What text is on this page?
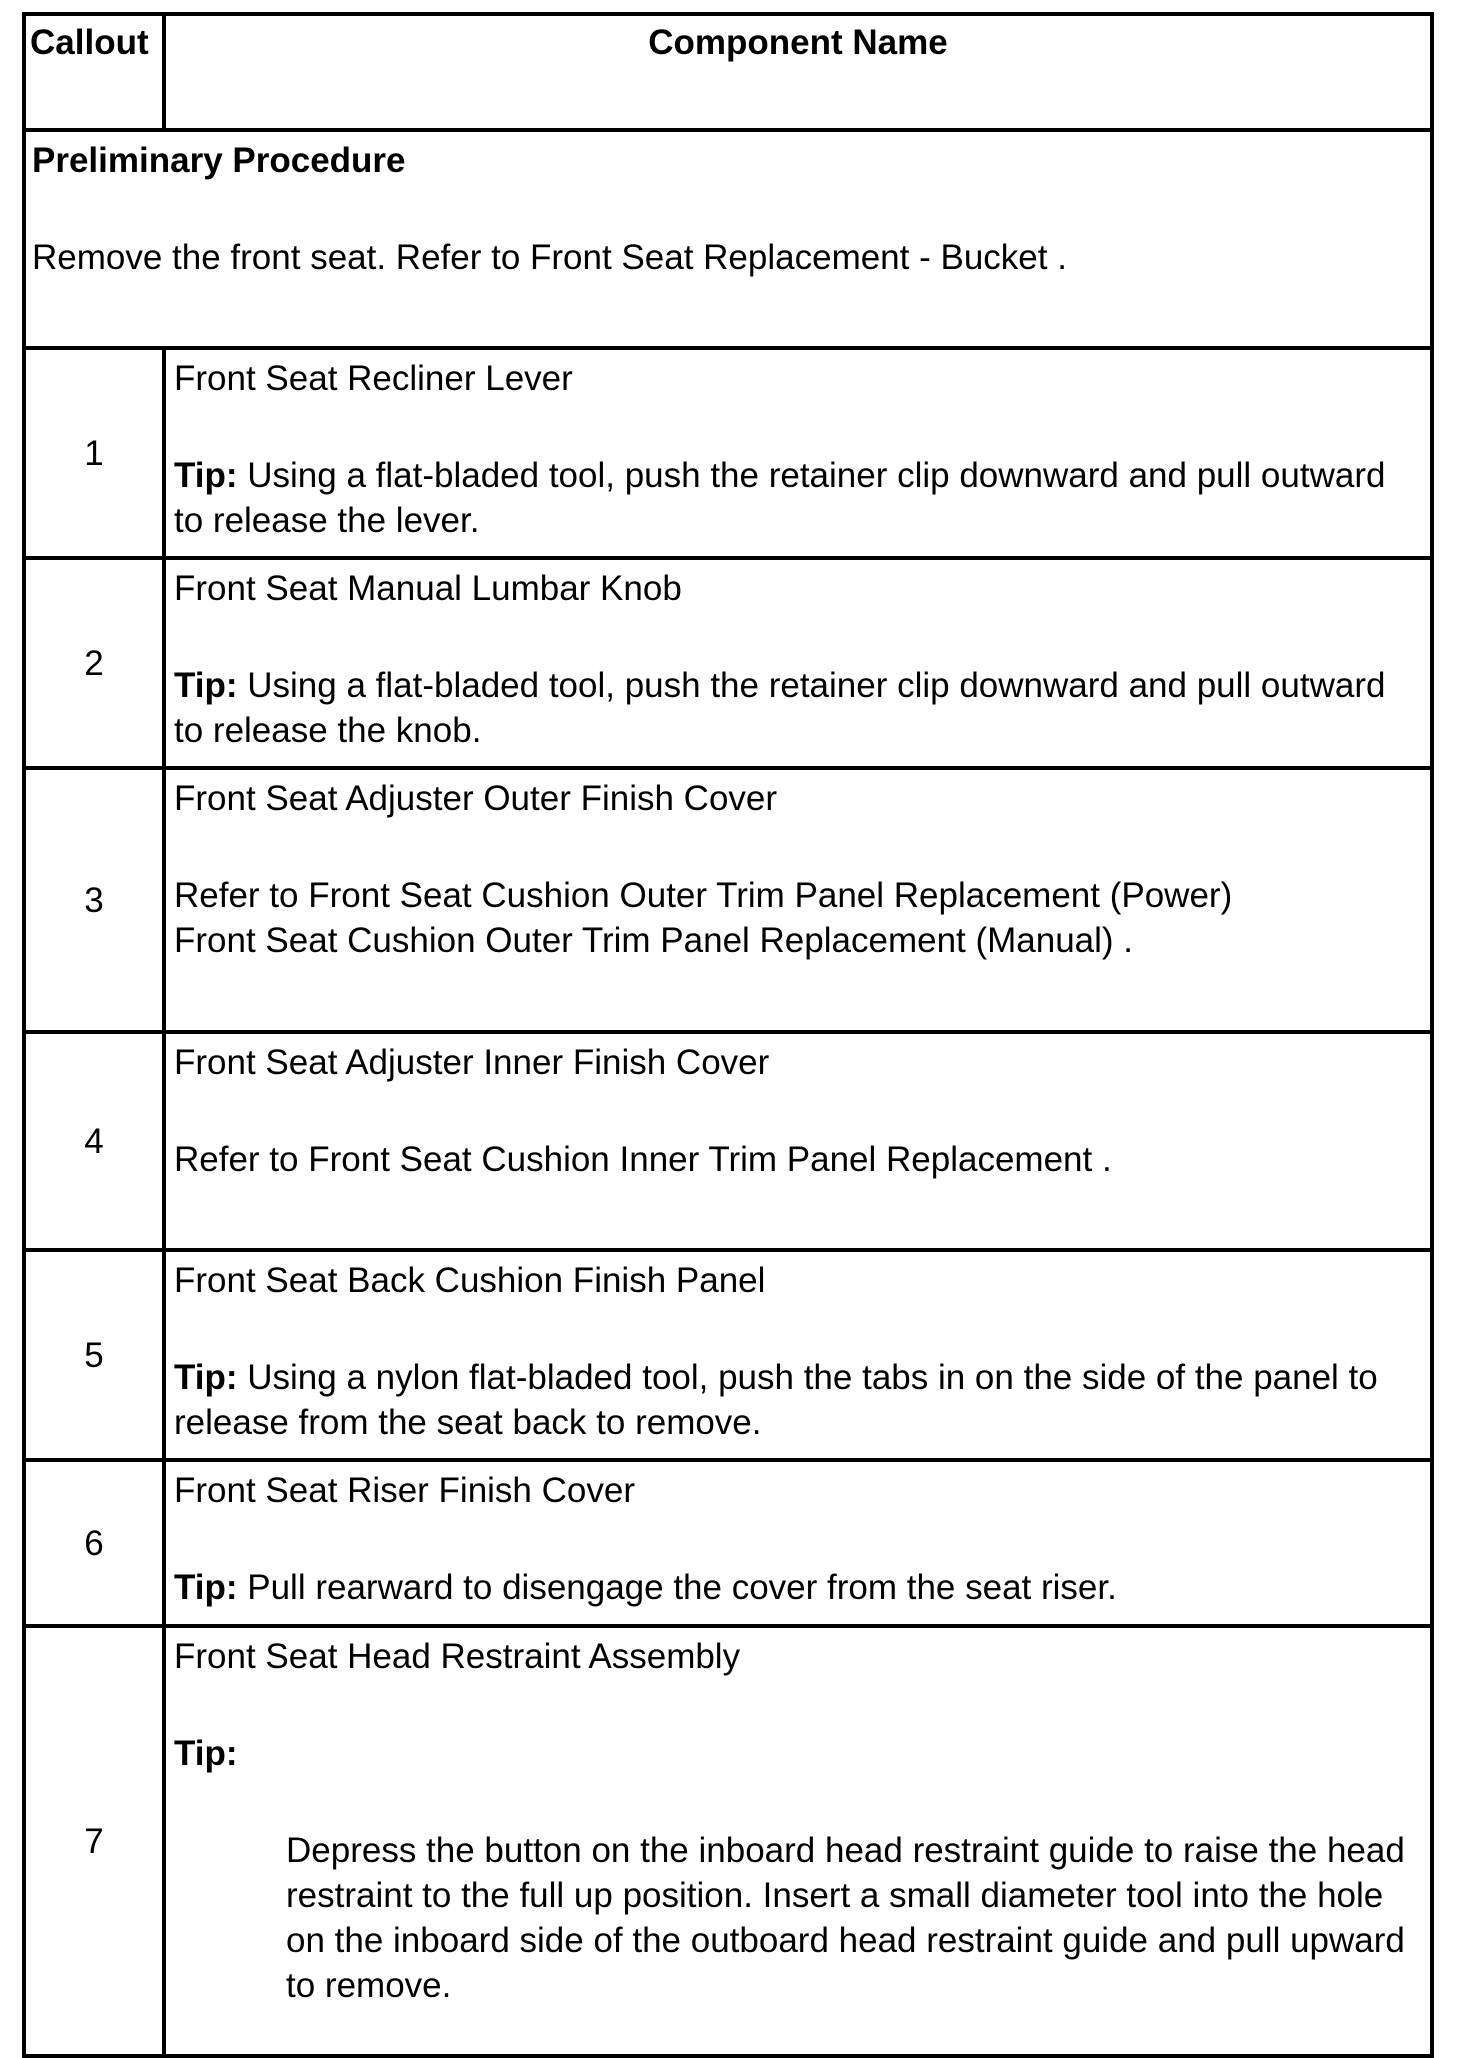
Callout	Component Name

Preliminary Procedure
Remove the front seat. Refer to Front Seat Replacement - Bucket .	

1	Front Seat Recliner Lever
Tip: Using a flat-bladed tool, push the retainer clip downward and pull outward to release the lever.

2	Front Seat Manual Lumbar Knob
Tip: Using a flat-bladed tool, push the retainer clip downward and pull outward to release the knob.

3	Front Seat Adjuster Outer Finish Cover
Refer to Front Seat Cushion Outer Trim Panel Replacement (Power)
Front Seat Cushion Outer Trim Panel Replacement (Manual) .

4	Front Seat Adjuster Inner Finish Cover
Refer to Front Seat Cushion Inner Trim Panel Replacement .

5	Front Seat Back Cushion Finish Panel
Tip: Using a nylon flat-bladed tool, push the tabs in on the side of the panel to release from the seat back to remove.

6	Front Seat Riser Finish Cover
Tip: Pull rearward to disengage the cover from the seat riser.

7	Front Seat Head Restraint Assembly
Tip:
Depress the button on the inboard head restraint guide to raise the head restraint to the full up position. Insert a small diameter tool into the hole on the inboard side of the outboard head restraint guide and pull upward to remove.
